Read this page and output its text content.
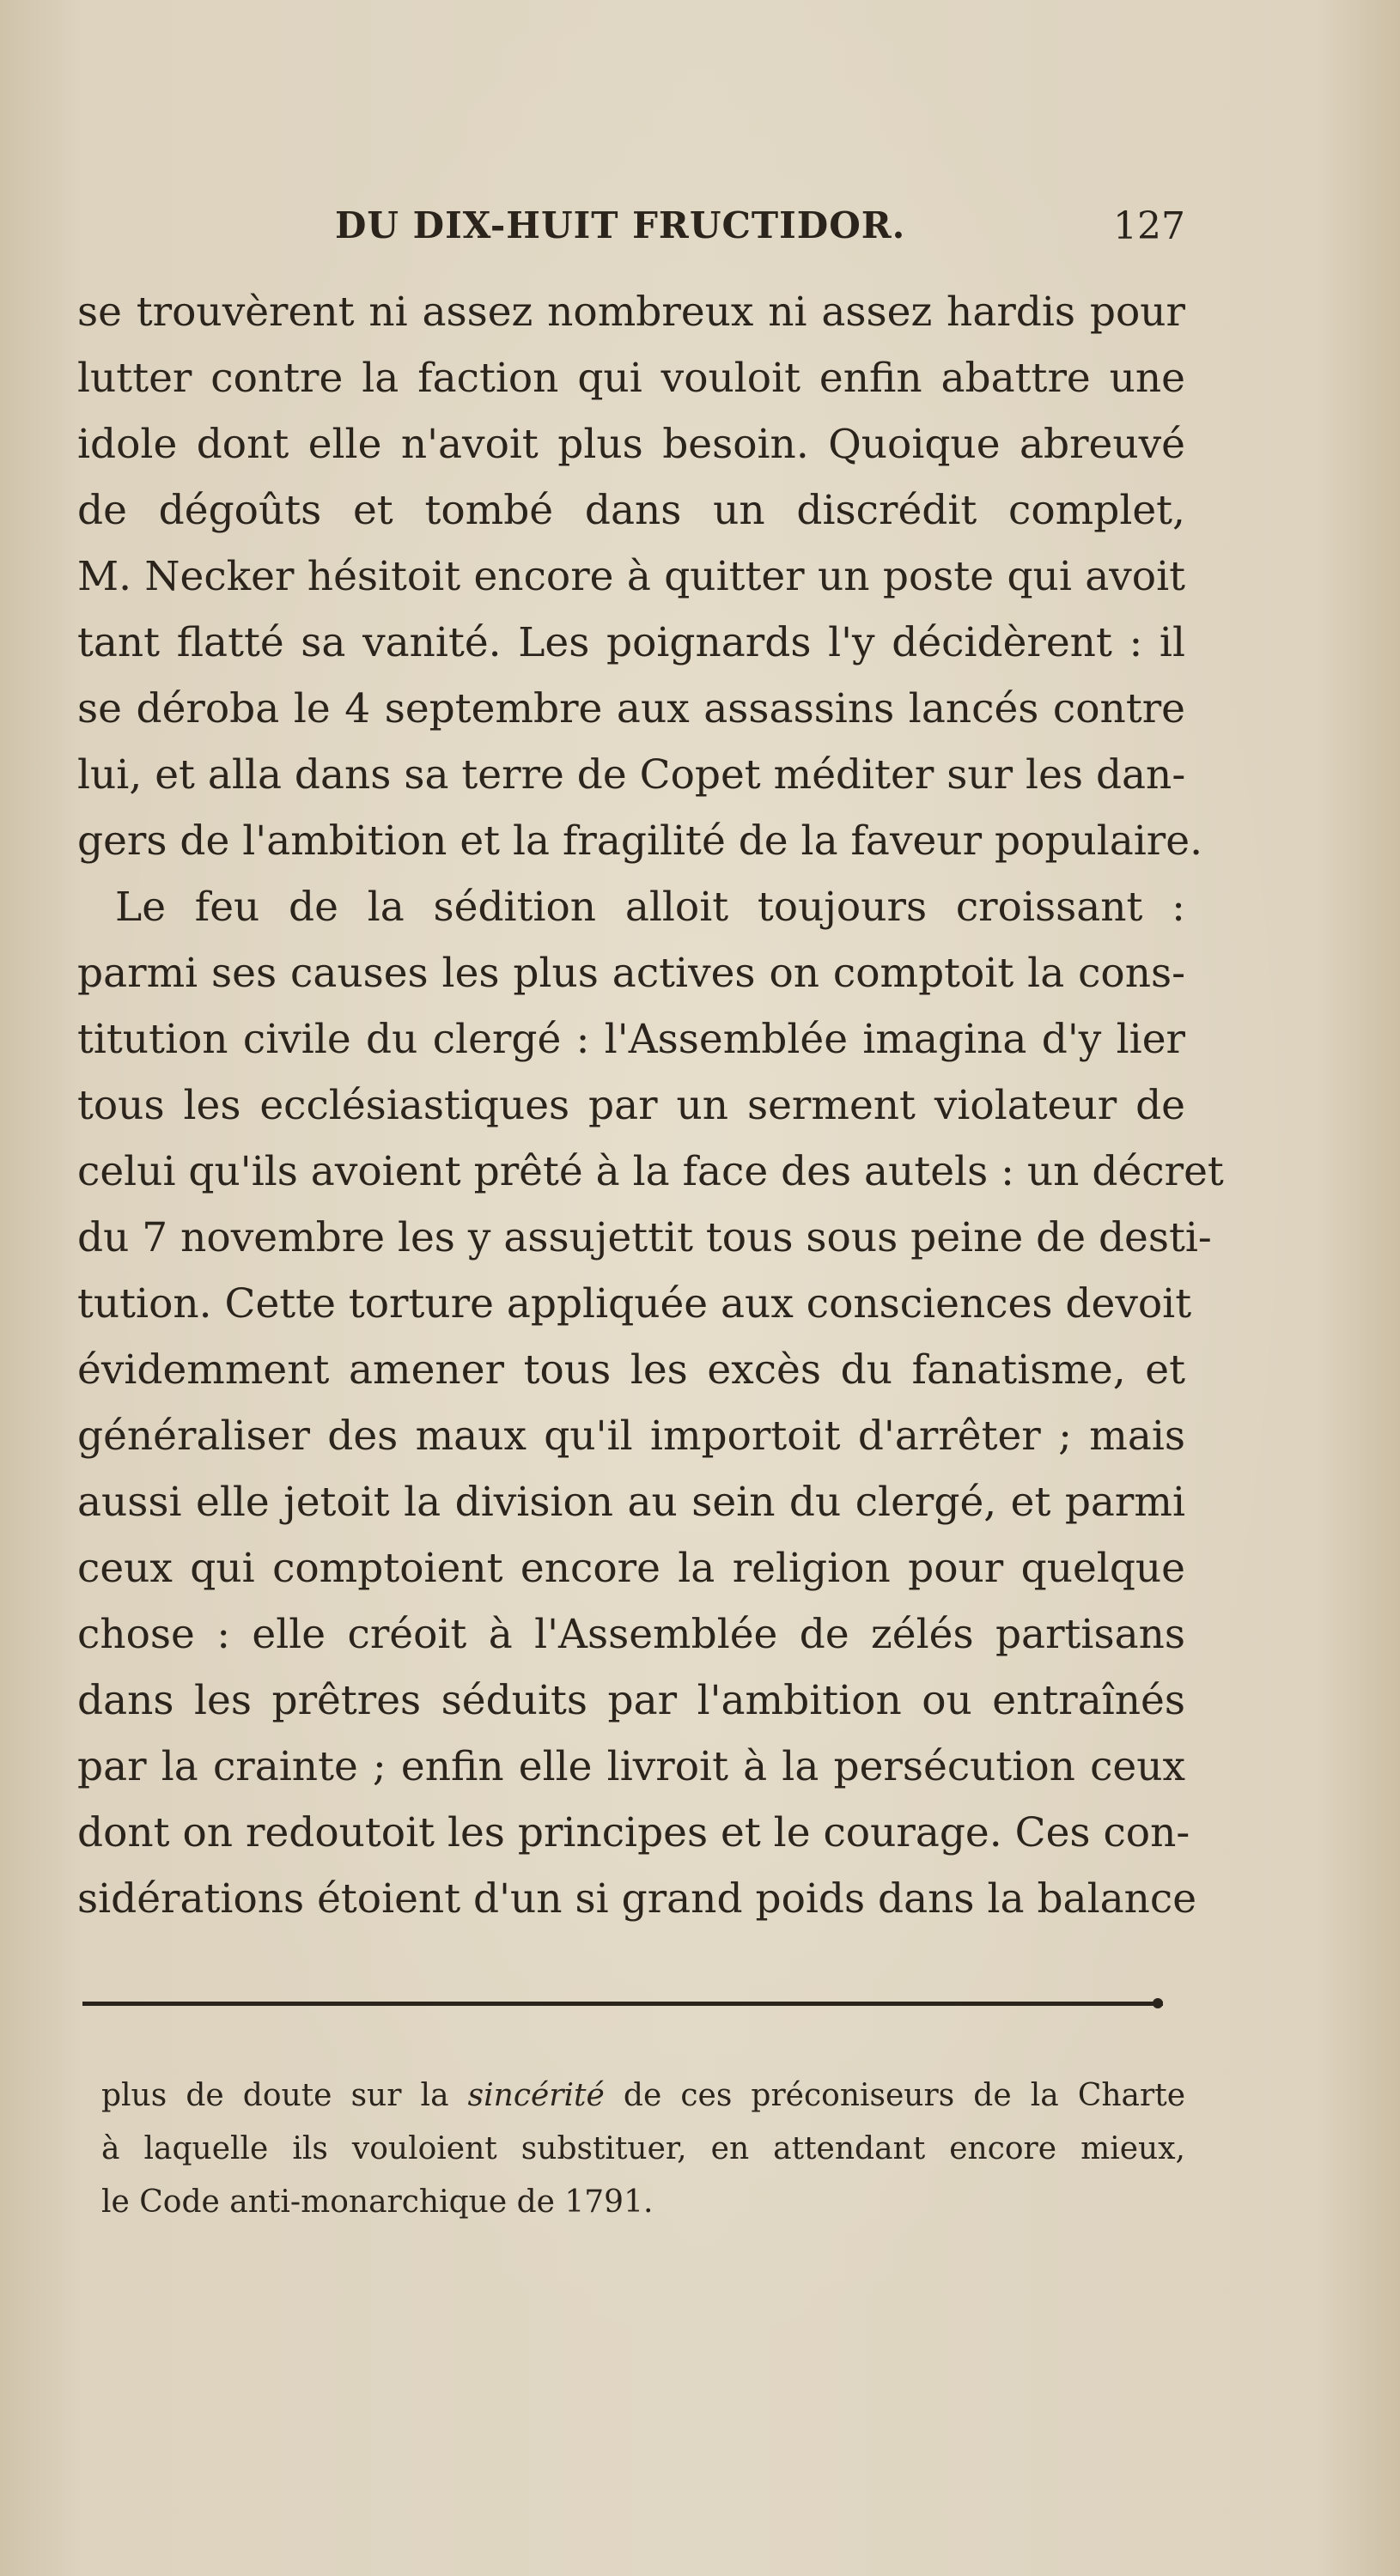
DU DIX-HUIT FRUCTIDOR.	127
se trouvèrent ni assez nombreux ni assez hardis pour
lutter contre la faction qui vouloit enfin abattre une
idole dont elle n'avoit plus besoin. Quoique abreuvé
de dégoûts et tombé dans un discrédit complet,
M. Necker hésitoit encore à quitter un poste qui avoit
tant flatté sa vanité. Les poignards l'y décidèrent : il
se déroba le 4 septembre aux assassins lancés contre
lui, et alla dans sa terre de Copet méditer sur les dan-
gers de l'ambition et la fragilité de la faveur populaire.
Le feu de la sédition alloit toujours croissant :
parmi ses causes les plus actives on comptoit la cons-
titution civile du clergé : l'Assemblée imagina d'y lier
tous les ecclésiastiques par un serment violateur de
celui qu'ils avoient prêté à la face des autels : un décret
du 7 novembre les y assujettit tous sous peine de desti-
tution. Cette torture appliquée aux consciences devoit
évidemment amener tous les excès du fanatisme, et
généraliser des maux qu'il importoit d'arrêter ; mais
aussi elle jetoit la division au sein du clergé, et parmi
ceux qui comptoient encore la religion pour quelque
chose : elle créoit à l'Assemblée de zélés partisans
dans les prêtres séduits par l'ambition ou entraînés
par la crainte ; enfin elle livroit à la persécution ceux
dont on redoutoit les principes et le courage. Ces con-
sidérations étoient d'un si grand poids dans la balance
plus de doute sur la sincérité de ces préconiseurs de la Charte
à laquelle ils vouloient substituer, en attendant encore mieux,
le Code anti-monarchique de 1791.
